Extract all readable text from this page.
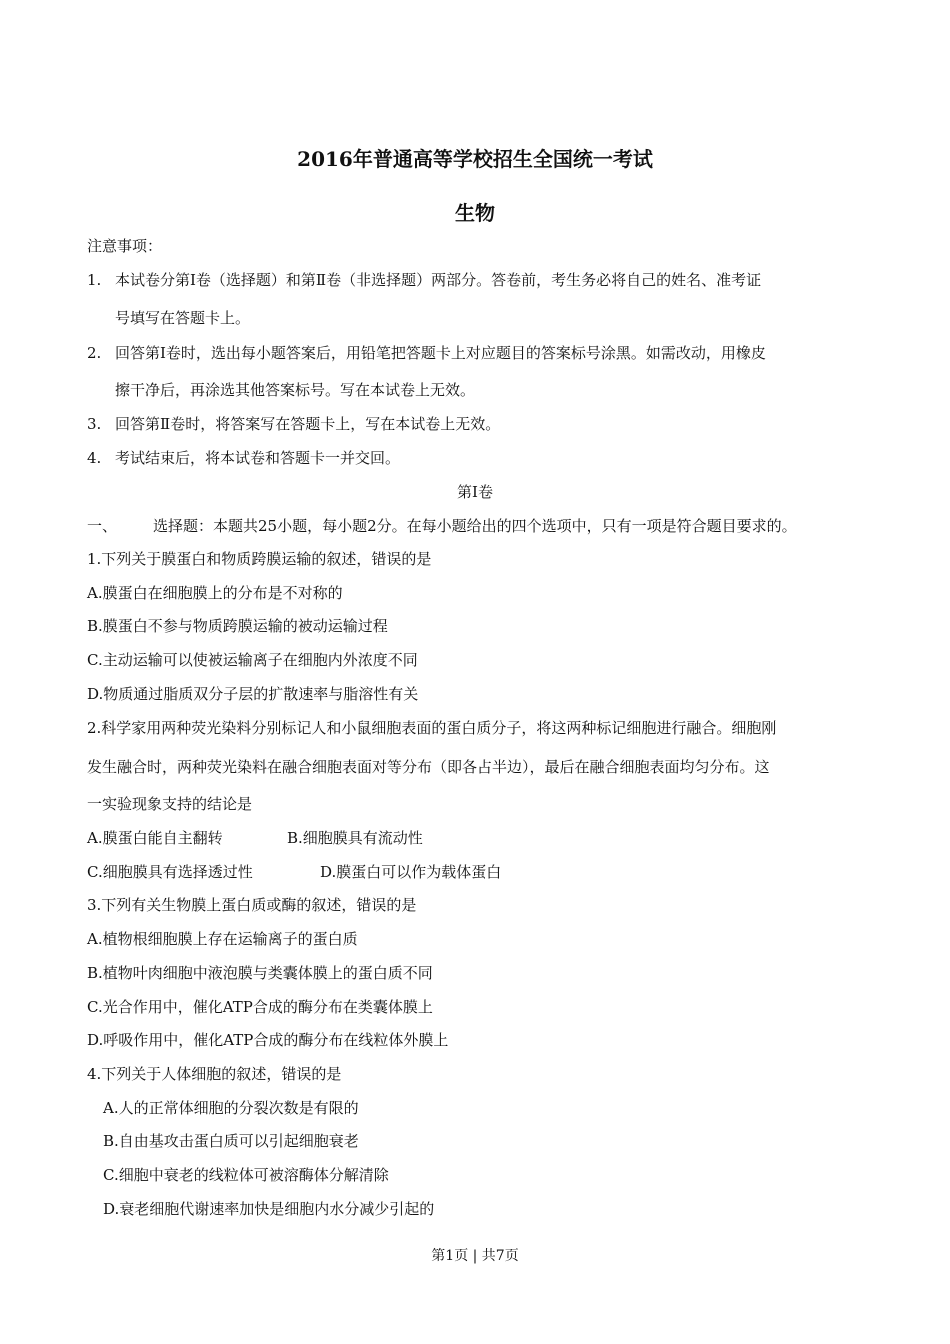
2016年普通高等学校招生全国统一考试
生物
注意事项：
1. 本试卷分第Ⅰ卷（选择题）和第Ⅱ卷（非选择题）两部分。答卷前，考生务必将自己的姓名、准考证
号填写在答题卡上。
2. 回答第Ⅰ卷时，选出每小题答案后，用铅笔把答题卡上对应题目的答案标号涂黑。如需改动，用橡皮
擦干净后，再涂选其他答案标号。写在本试卷上无效。
3. 回答第Ⅱ卷时，将答案写在答题卡上，写在本试卷上无效。
4. 考试结束后，将本试卷和答题卡一并交回。
第Ⅰ卷
一、 选择题：本题共25小题，每小题2分。在每小题给出的四个选项中，只有一项是符合题目要求的。
1.下列关于膜蛋白和物质跨膜运输的叙述，错误的是
A.膜蛋白在细胞膜上的分布是不对称的
B.膜蛋白不参与物质跨膜运输的被动运输过程
C.主动运输可以使被运输离子在细胞内外浓度不同
D.物质通过脂质双分子层的扩散速率与脂溶性有关
2.科学家用两种荧光染料分别标记人和小鼠细胞表面的蛋白质分子，将这两种标记细胞进行融合。细胞刚
发生融合时，两种荧光染料在融合细胞表面对等分布（即各占半边），最后在融合细胞表面均匀分布。这
一实验现象支持的结论是
A.膜蛋白能自主翻转	B.细胞膜具有流动性
C.细胞膜具有选择透过性	D.膜蛋白可以作为载体蛋白
3.下列有关生物膜上蛋白质或酶的叙述，错误的是
A.植物根细胞膜上存在运输离子的蛋白质
B.植物叶肉细胞中液泡膜与类囊体膜上的蛋白质不同
C.光合作用中，催化ATP合成的酶分布在类囊体膜上
D.呼吸作用中，催化ATP合成的酶分布在线粒体外膜上
4.下列关于人体细胞的叙述，错误的是
A.人的正常体细胞的分裂次数是有限的
B.自由基攻击蛋白质可以引起细胞衰老
C.细胞中衰老的线粒体可被溶酶体分解清除
D.衰老细胞代谢速率加快是细胞内水分减少引起的
第1页 | 共7页
